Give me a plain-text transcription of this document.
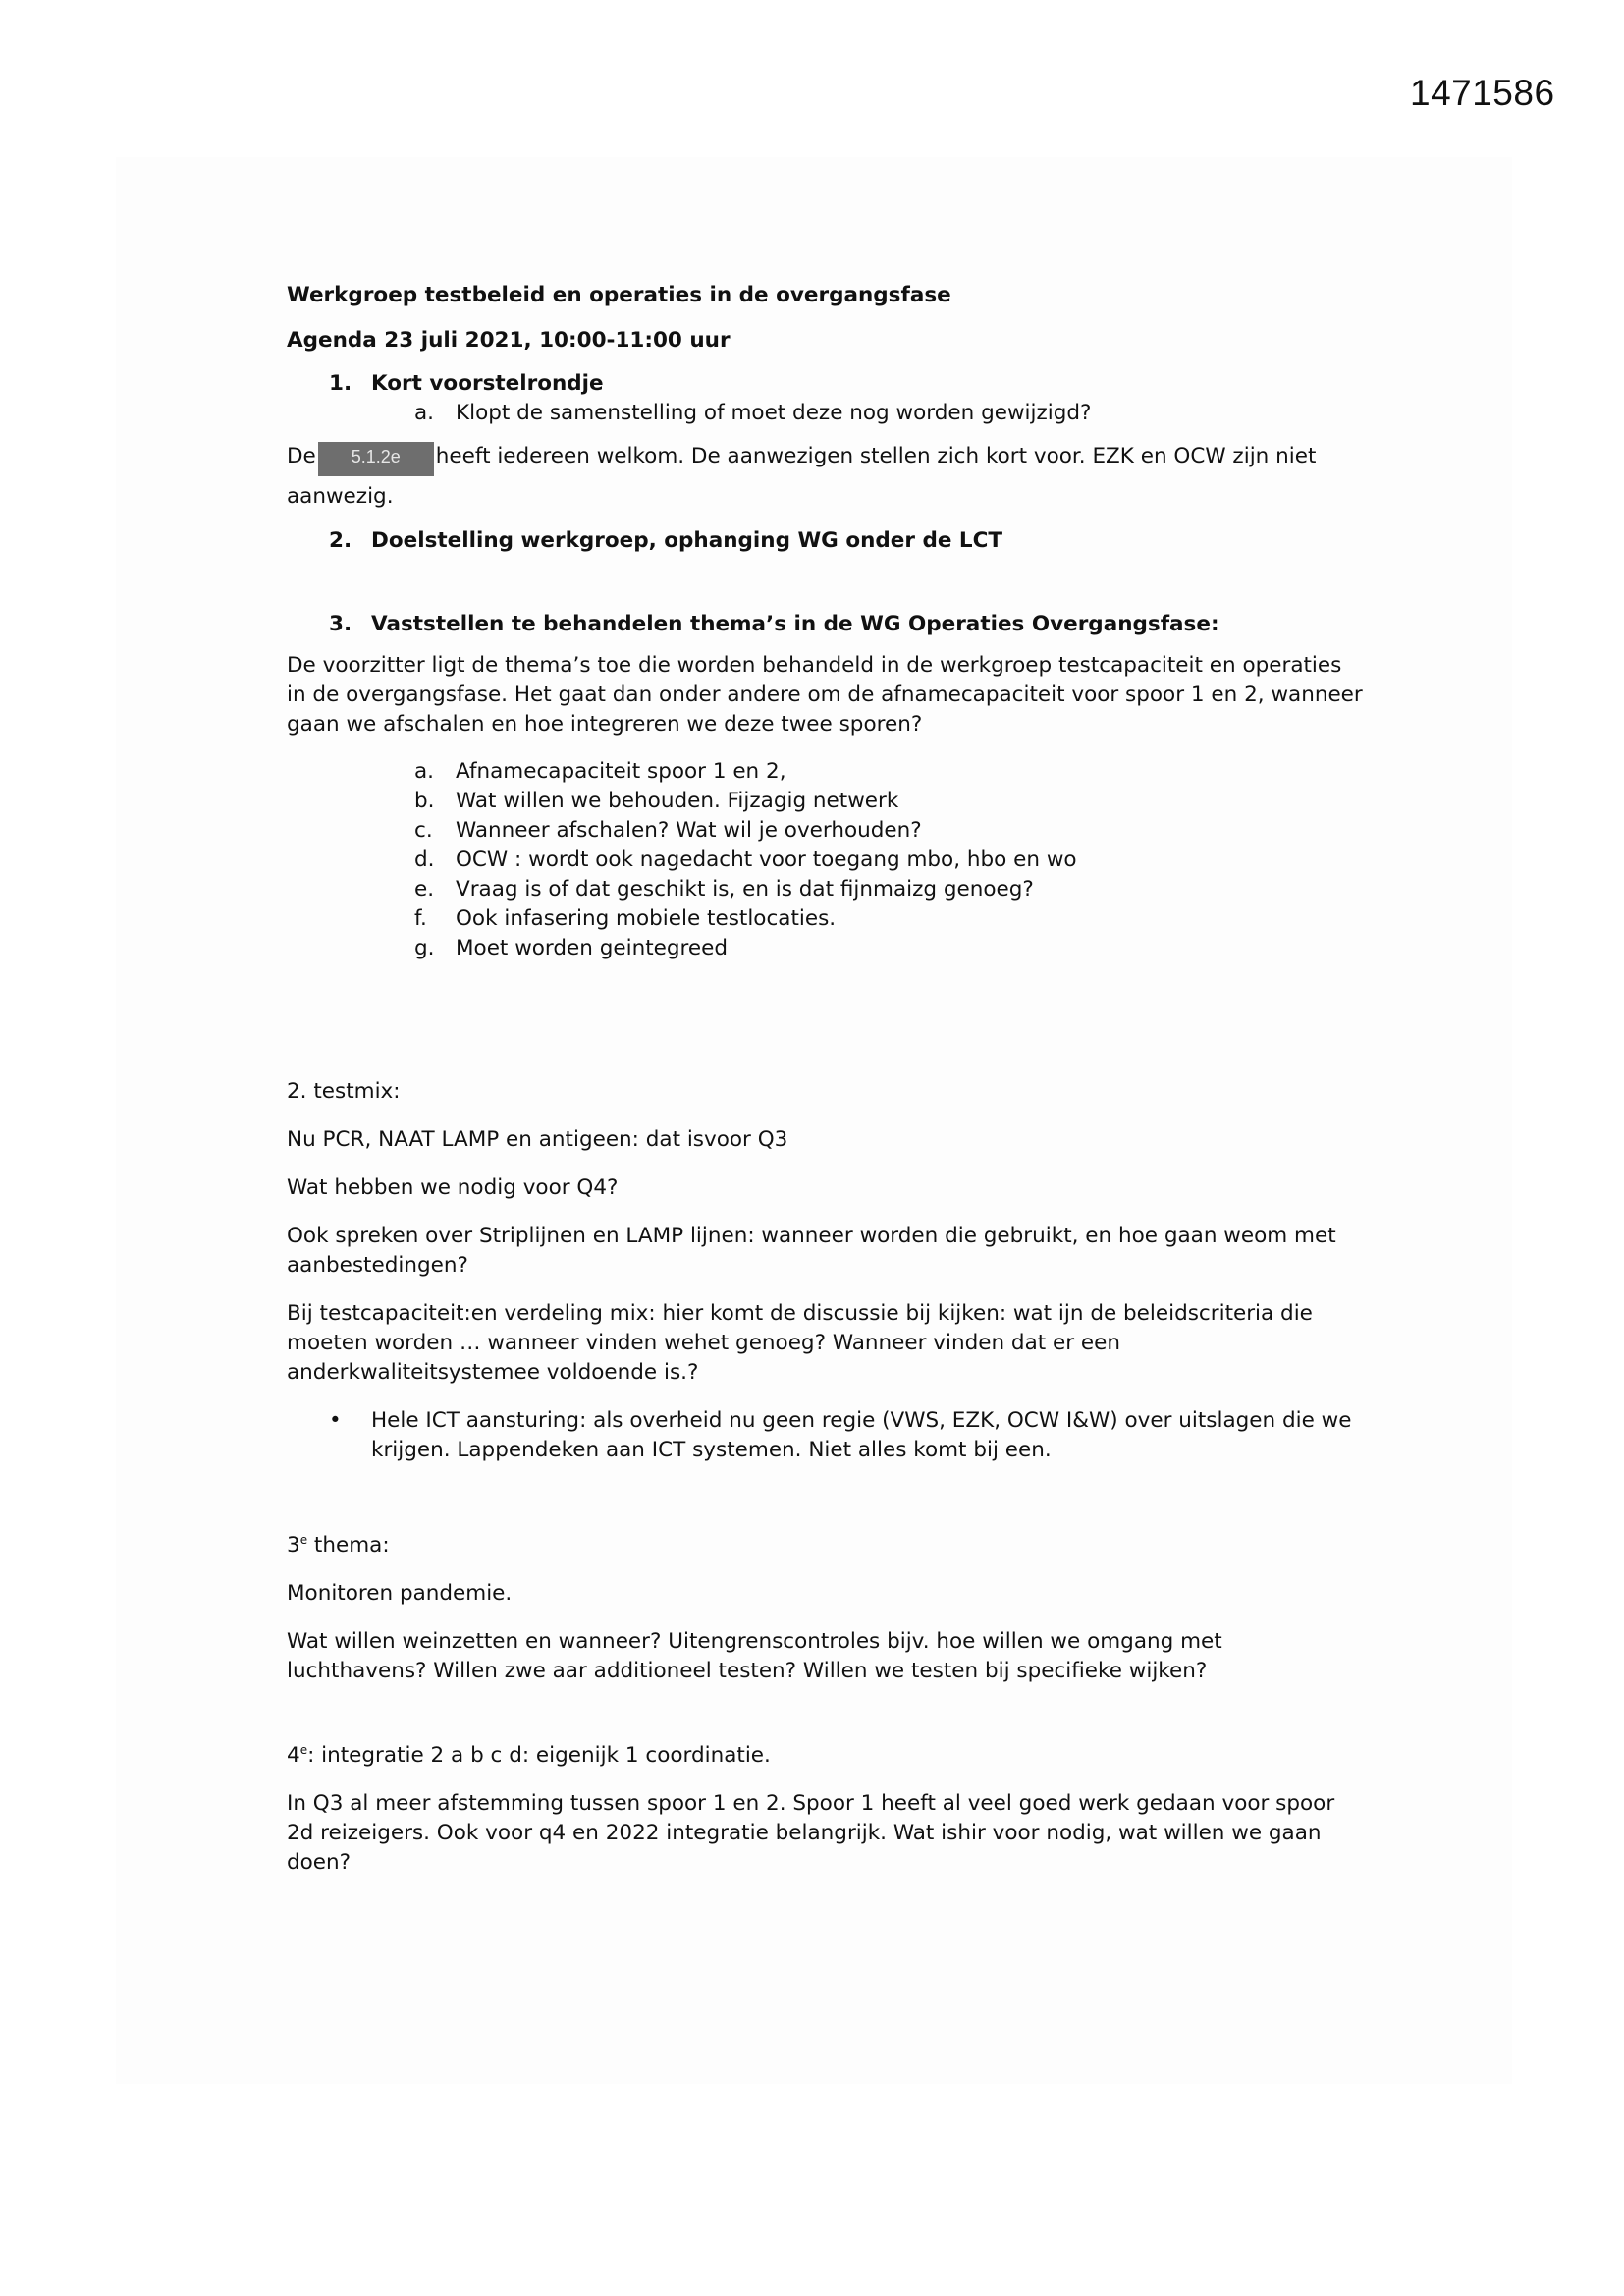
1471586
Werkgroep testbeleid en operaties in de overgangsfase
Agenda 23 juli 2021, 10:00-11:00 uur
1. Kort voorstelrondje
a. Klopt de samenstelling of moet deze nog worden gewijzigd?

De 5.1.2e heeft iedereen welkom. De aanwezigen stellen zich kort voor. EZK en OCW zijn niet aanwezig.

2. Doelstelling werkgroep, ophanging WG onder de LCT
3. Vaststellen te behandelen thema’s in de WG Operaties Overgangsfase:

De voorzitter ligt de thema’s toe die worden behandeld in de werkgroep testcapaciteit en operaties in de overgangsfase. Het gaat dan onder andere om de afnamecapaciteit voor spoor 1 en 2, wanneer gaan we afschalen en hoe integreren we deze twee sporen?

a. Afnamecapaciteit spoor 1 en 2,
b. Wat willen we behouden. Fijzagig netwerk
c. Wanneer afschalen? Wat wil je overhouden?
d. OCW : wordt ook nagedacht voor toegang mbo, hbo en wo
e. Vraag is of dat geschikt is, en is dat fijnmaizg genoeg?
f. Ook infasering mobiele testlocaties.
g. Moet worden geintegreed

2. testmix:

Nu PCR, NAAT LAMP en antigeen: dat isvoor Q3

Wat hebben we nodig voor Q4?

Ook spreken over Striplijnen en LAMP lijnen: wanneer worden die gebruikt, en hoe gaan weom met aanbestedingen?

Bij testcapaciteit:en verdeling mix: hier komt de discussie bij kijken: wat ijn de beleidscriteria die moeten worden … wanneer vinden wehet genoeg? Wanneer vinden dat er een anderkwaliteitsystemee voldoende is.?

• Hele ICT aansturing: als overheid nu geen regie (VWS, EZK, OCW I&W) over uitslagen die we krijgen. Lappendeken aan ICT systemen. Niet alles komt bij een.

3e thema:

Monitoren pandemie.

Wat willen weinzetten en wanneer? Uitengrenscontroles bijv. hoe willen we omgang met luchthavens? Willen zwe aar additioneel testen? Willen we testen bij specifieke wijken?

4e: integratie 2 a b c d: eigenijk 1 coordinatie.

In Q3 al meer afstemming tussen spoor 1 en 2. Spoor 1 heeft al veel goed werk gedaan voor spoor 2d reizeigers. Ook voor q4 en 2022 integratie belangrijk. Wat ishir voor nodig, wat willen we gaan doen?
